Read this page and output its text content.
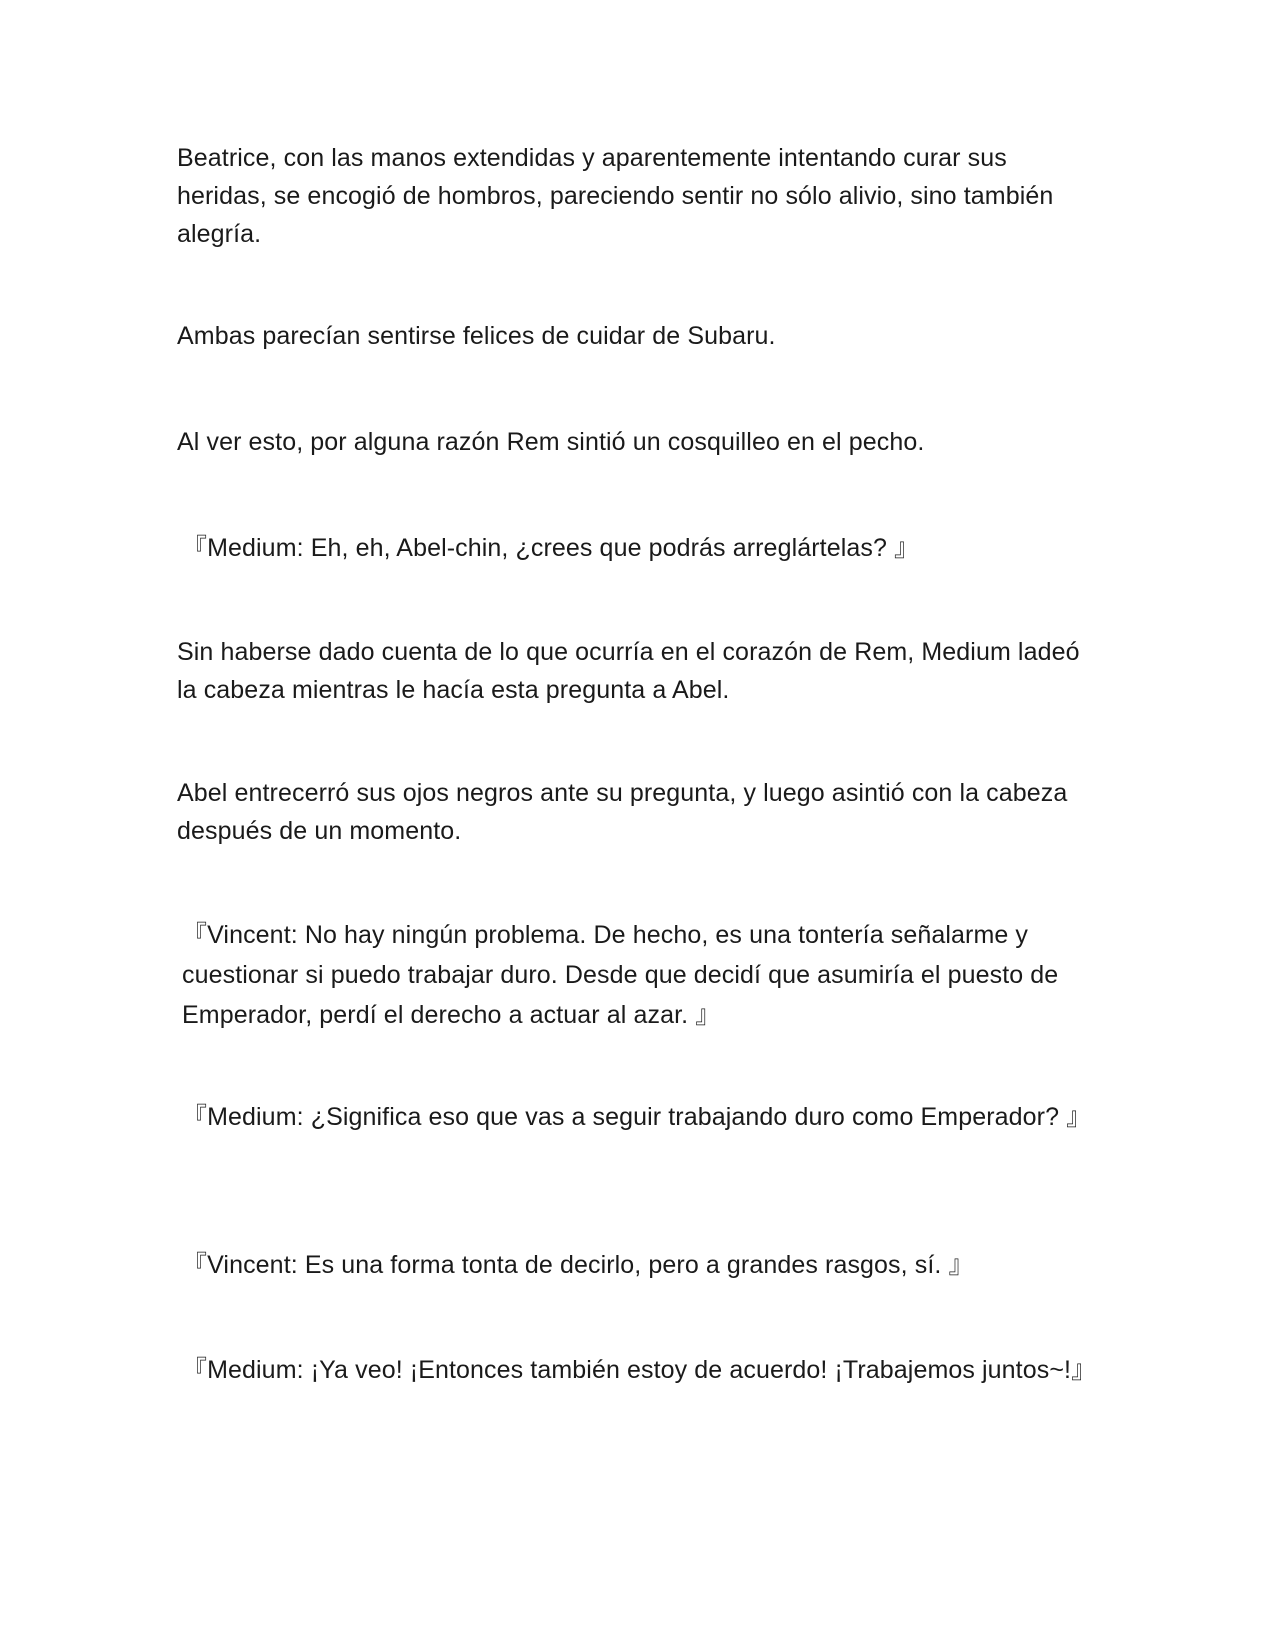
Beatrice, con las manos extendidas y aparentemente intentando curar sus heridas, se encogió de hombros, pareciendo sentir no sólo alivio, sino también alegría.

Ambas parecían sentirse felices de cuidar de Subaru.

Al ver esto, por alguna razón Rem sintió un cosquilleo en el pecho.

『Medium: Eh, eh, Abel-chin, ¿crees que podrás arreglártelas? 』

Sin haberse dado cuenta de lo que ocurría en el corazón de Rem, Medium ladeó la cabeza mientras le hacía esta pregunta a Abel.

Abel entrecerró sus ojos negros ante su pregunta, y luego asintió con la cabeza después de un momento.

『Vincent: No hay ningún problema. De hecho, es una tontería señalarme y cuestionar si puedo trabajar duro. Desde que decidí que asumiría el puesto de Emperador, perdí el derecho a actuar al azar. 』

『Medium: ¿Significa eso que vas a seguir trabajando duro como Emperador? 』

『Vincent: Es una forma tonta de decirlo, pero a grandes rasgos, sí. 』

『Medium: ¡Ya veo! ¡Entonces también estoy de acuerdo! ¡Trabajemos juntos~!』
